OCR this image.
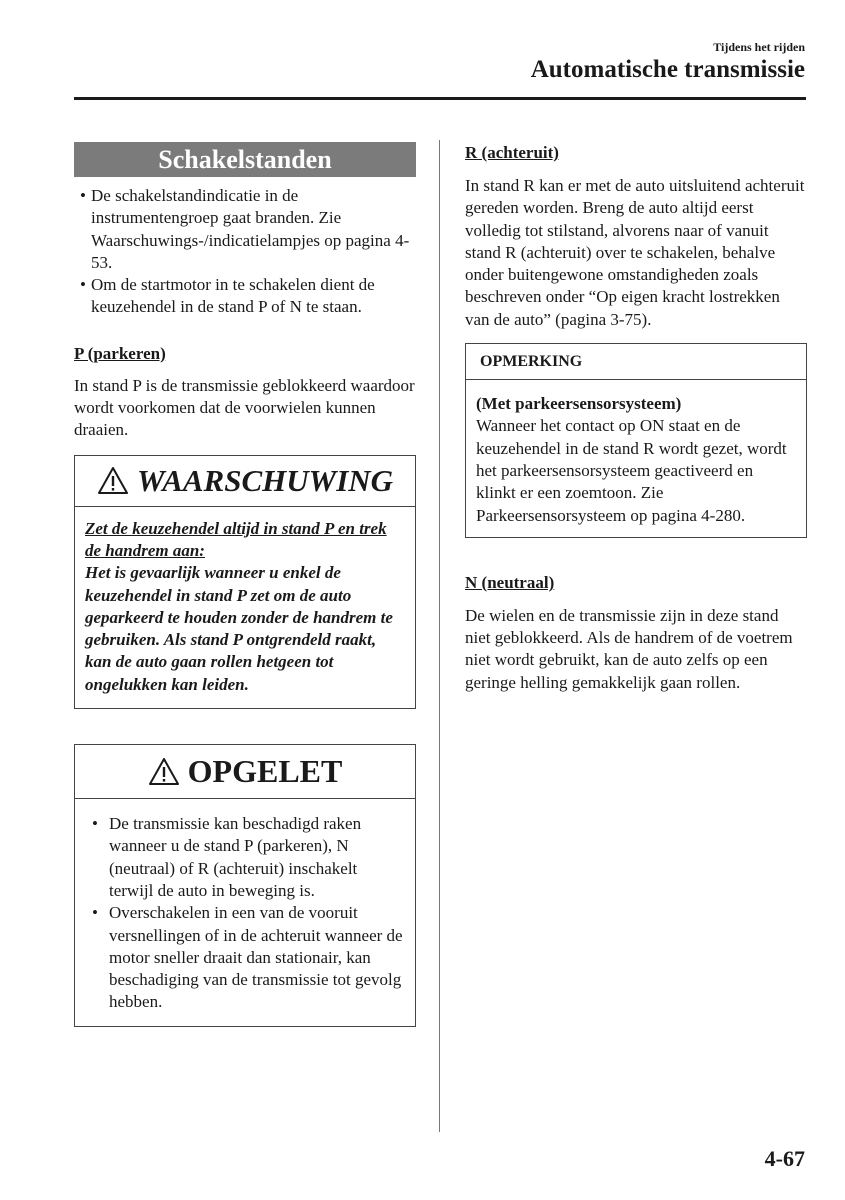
Tijdens het rijden
Automatische transmissie
Schakelstanden
• De schakelstandindicatie in de instrumentengroep gaat branden. Zie Waarschuwings-/indicatielampjes op pagina 4-53.
• Om de startmotor in te schakelen dient de keuzehendel in de stand P of N te staan.
P (parkeren)
In stand P is de transmissie geblokkeerd waardoor wordt voorkomen dat de voorwielen kunnen draaien.
WAARSCHUWING
Zet de keuzehendel altijd in stand P en trek de handrem aan:
Het is gevaarlijk wanneer u enkel de keuzehendel in stand P zet om de auto geparkeerd te houden zonder de handrem te gebruiken. Als stand P ontgrendeld raakt, kan de auto gaan rollen hetgeen tot ongelukken kan leiden.
OPGELET
• De transmissie kan beschadigd raken wanneer u de stand P (parkeren), N (neutraal) of R (achteruit) inschakelt terwijl de auto in beweging is.
• Overschakelen in een van de vooruit versnellingen of in de achteruit wanneer de motor sneller draait dan stationair, kan beschadiging van de transmissie tot gevolg hebben.
R (achteruit)
In stand R kan er met de auto uitsluitend achteruit gereden worden. Breng de auto altijd eerst volledig tot stilstand, alvorens naar of vanuit stand R (achteruit) over te schakelen, behalve onder buitengewone omstandigheden zoals beschreven onder “Op eigen kracht lostrekken van de auto” (pagina 3-75).
OPMERKING
(Met parkeersensorsysteem)
Wanneer het contact op ON staat en de keuzehendel in de stand R wordt gezet, wordt het parkeersensorsysteem geactiveerd en klinkt er een zoemtoon. Zie Parkeersensorsysteem op pagina 4-280.
N (neutraal)
De wielen en de transmissie zijn in deze stand niet geblokkeerd. Als de handrem of de voetrem niet wordt gebruikt, kan de auto zelfs op een geringe helling gemakkelijk gaan rollen.
4-67
